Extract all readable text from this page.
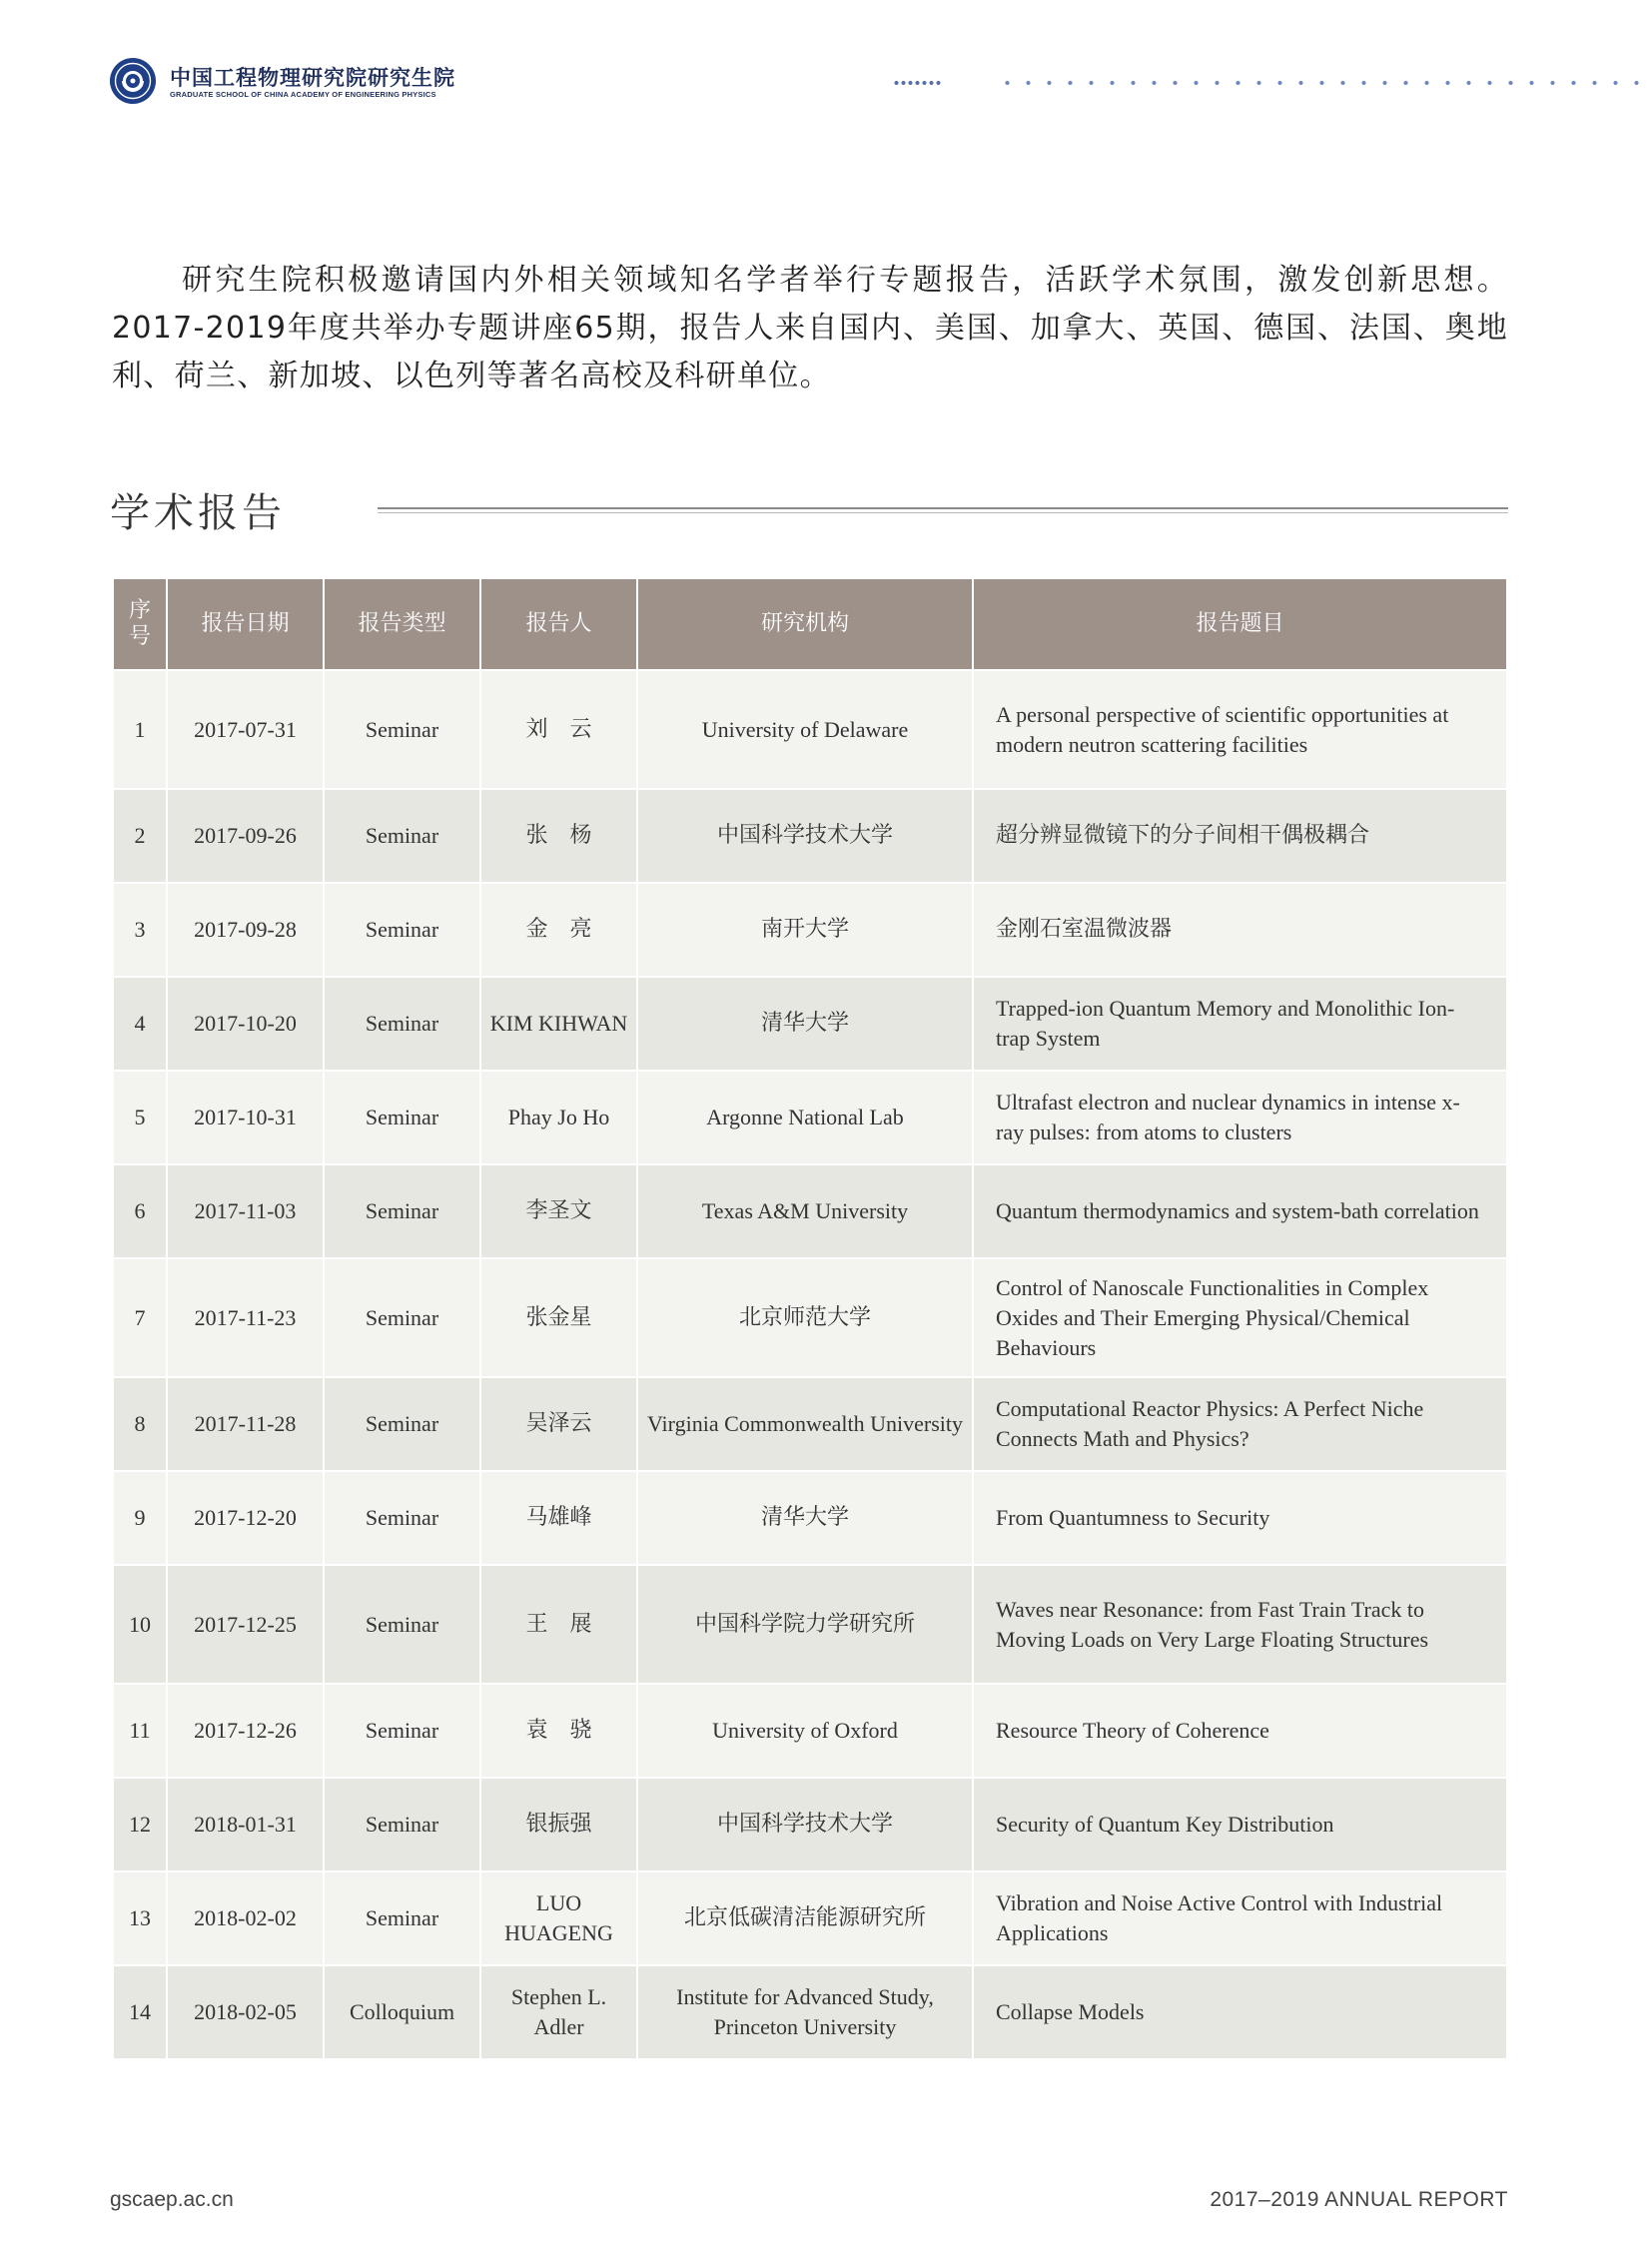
中国工程物理研究院研究生院
GRADUATE SCHOOL OF CHINA ACADEMY OF ENGINEERING PHYSICS

研究生院积极邀请国内外相关领域知名学者举行专题报告，活跃学术氛围，激发创新思想。2017-2019年度共举办专题讲座65期，报告人来自国内、美国、加拿大、英国、德国、法国、奥地利、荷兰、新加坡、以色列等著名高校及科研单位。

学术报告
序号	报告日期	报告类型	报告人	研究机构	报告题目
1	2017-07-31	Seminar	刘　云	University of Delaware	A personal perspective of scientific opportunities at modern neutron scattering facilities
2	2017-09-26	Seminar	张　杨	中国科学技术大学	超分辨显微镜下的分子间相干偶极耦合
3	2017-09-28	Seminar	金　亮	南开大学	金刚石室温微波器
4	2017-10-20	Seminar	KIM KIHWAN	清华大学	Trapped-ion Quantum Memory and Monolithic Ion-trap System
5	2017-10-31	Seminar	Phay Jo Ho	Argonne National Lab	Ultrafast electron and nuclear dynamics in intense x-ray pulses: from atoms to clusters
6	2017-11-03	Seminar	李圣文	Texas A&M University	Quantum thermodynamics and system-bath correlation
7	2017-11-23	Seminar	张金星	北京师范大学	Control of Nanoscale Functionalities in Complex Oxides and Their Emerging Physical/Chemical Behaviours
8	2017-11-28	Seminar	吴泽云	Virginia Commonwealth University	Computational Reactor Physics: A Perfect Niche Connects Math and Physics?
9	2017-12-20	Seminar	马雄峰	清华大学	From Quantumness to Security
10	2017-12-25	Seminar	王　展	中国科学院力学研究所	Waves near Resonance: from Fast Train Track to Moving Loads on Very Large Floating Structures
11	2017-12-26	Seminar	袁　骁	University of Oxford	Resource Theory of Coherence
12	2018-01-31	Seminar	银振强	中国科学技术大学	Security of Quantum Key Distribution
13	2018-02-02	Seminar	LUO HUAGENG	北京低碳清洁能源研究所	Vibration and Noise Active Control with Industrial Applications
14	2018-02-05	Colloquium	Stephen L. Adler	Institute for Advanced Study, Princeton University	Collapse Models
gscaep.ac.cn	2017–2019 ANNUAL REPORT
